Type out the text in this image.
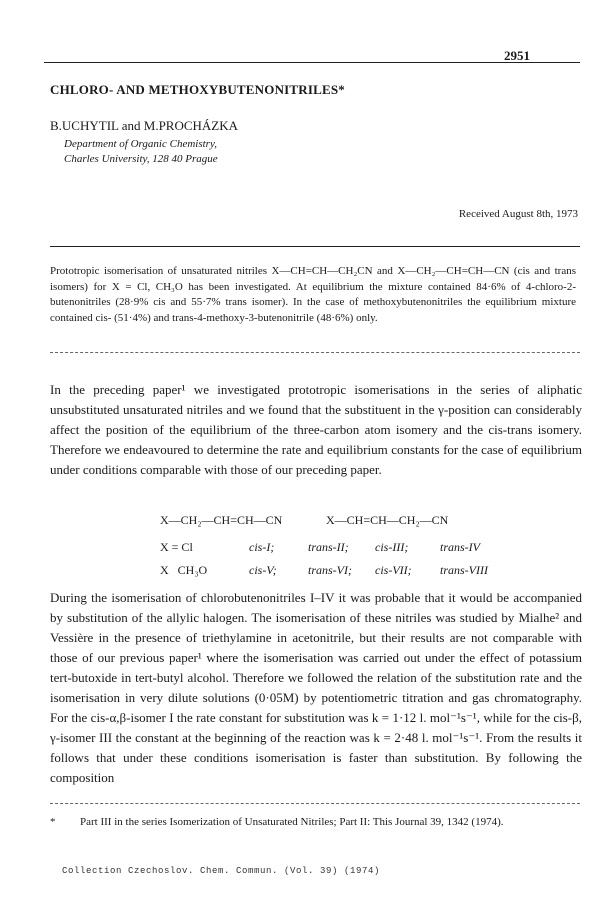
2951
CHLORO- AND METHOXYBUTENONITRILES*
B.UCHYTIL and M.PROCHÁZKA
Department of Organic Chemistry,
Charles University, 128 40 Prague
Received August 8th, 1973

Prototropic isomerisation of unsaturated nitriles X—CH=CH—CH₂CN and X—CH₂—CH=CH—CN (cis and trans isomers) for X = Cl, CH₃O has been investigated. At equilibrium the mixture contained 84·6% of 4-chloro-2-butenonitriles (28·9% cis and 55·7% trans isomer). In the case of methoxybutenonitriles the equilibrium mixture contained cis- (51·4%) and trans-4-methoxy-3-butenonitrile (48·6%) only.

In the preceding paper¹ we investigated prototropic isomerisations in the series of aliphatic unsubstituted unsaturated nitriles and we found that the substituent in the γ-position can considerably affect the position of the equilibrium of the three-carbon atom isomery and the cis-trans isomery. Therefore we endeavoured to determine the rate and equilibrium constants for the case of equilibrium under conditions comparable with those of our preceding paper.

X—CH₂—CH=CH—CN	X—CH=CH—CH₂—CN
X = Cl	cis-I;	trans-II; cis-III;	trans-IV
X   CH₃O	cis-V;	trans-VI; cis-VII; trans-VIII

During the isomerisation of chlorobutenonitriles I–IV it was probable that it would be accompanied by substitution of the allylic halogen. The isomerisation of these nitriles was studied by Mialhe² and Vessière in the presence of triethylamine in acetonitrile, but their results are not comparable with those of our previous paper¹ where the isomerisation was carried out under the effect of potassium tert-butoxide in tert-butyl alcohol. Therefore we followed the relation of the substitution rate and the isomerisation in very dilute solutions (0·05M) by potentiometric titration and gas chromatography. For the cis-α,β-isomer I the rate constant for substitution was k = 1·12 l. mol⁻¹s⁻¹, while for the cis-β, γ-isomer III the constant at the beginning of the reaction was k = 2·48 l. mol⁻¹s⁻¹. From the results it follows that under these conditions isomerisation is faster than substitution. By following the composition

* Part III in the series Isomerization of Unsaturated Nitriles; Part II: This Journal 39, 1342 (1974).

Collection Czechoslov. Chem. Commun. (Vol. 39) (1974)
